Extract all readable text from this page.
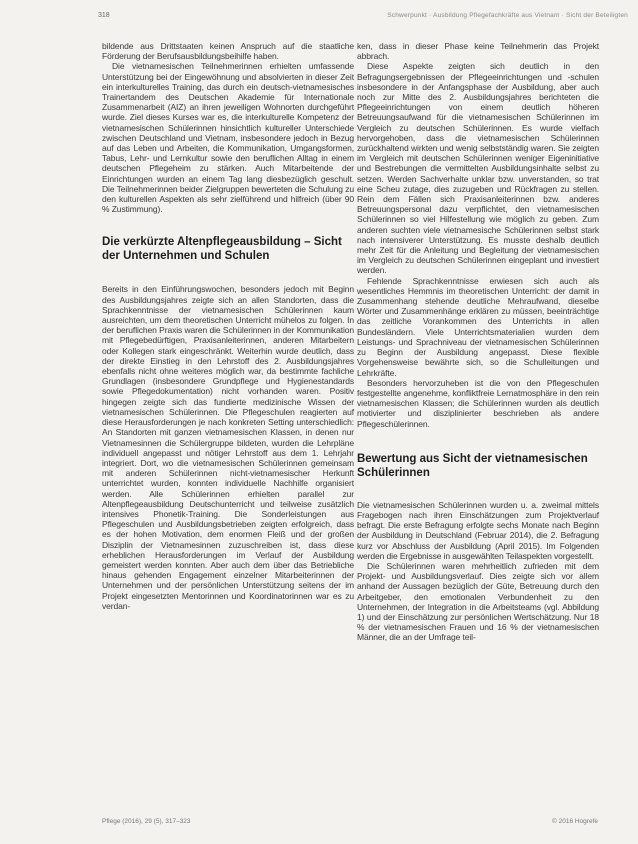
318	Schwerpunkt · Ausbildung Pflegefachkräfte aus Vietnam · Sicht der Beteiligten

bildende aus Drittstaaten keinen Anspruch auf die staatliche Förderung der Berufsausbildungsbeihilfe haben.

Die vietnamesischen Teilnehmerinnen erhielten umfassende Unterstützung bei der Eingewöhnung und absolvierten in dieser Zeit ein interkulturelles Training, das durch ein deutsch-vietnamesisches Trainertandem des Deutschen Akademie für Internationale Zusammenarbeit (AIZ) an ihren jeweiligen Wohnorten durchgeführt wurde. Ziel dieses Kurses war es, die interkulturelle Kompetenz der vietnamesischen Schülerinnen hinsichtlich kultureller Unterschiede zwischen Deutschland und Vietnam, insbesondere jedoch in Bezug auf das Leben und Arbeiten, die Kommunikation, Umgangsformen, Tabus, Lehr- und Lernkultur sowie den beruflichen Alltag in einem deutschen Pflegeheim zu stärken. Auch Mitarbeitende der Einrichtungen wurden an einem Tag lang diesbezüglich geschult. Die Teilnehmerinnen beider Zielgruppen bewerteten die Schulung zu den kulturellen Aspekten als sehr zielführend und hilfreich (über 90 % Zustimmung).

Die verkürzte Altenpflegeausbildung – Sicht der Unternehmen und Schulen

Bereits in den Einführungswochen, besonders jedoch mit Beginn des Ausbildungsjahres zeigte sich an allen Standorten, dass die Sprachkenntnisse der vietnamesischen Schülerinnen kaum ausreichten, um dem theoretischen Unterricht mühelos zu folgen. In der beruflichen Praxis waren die Schülerinnen in der Kommunikation mit Pflegebedürftigen, Praxisanleiterinnen, anderen Mitarbeitern oder Kollegen stark eingeschränkt. Weiterhin wurde deutlich, dass der direkte Einstieg in den Lehrstoff des 2. Ausbildungsjahres ebenfalls nicht ohne weiteres möglich war, da bestimmte fachliche Grundlagen (insbesondere Grundpflege und Hygienestandards sowie Pflegedokumentation) nicht vorhanden waren. Positiv hingegen zeigte sich das fundierte medizinische Wissen der vietnamesischen Schülerinnen. Die Pflegeschulen reagierten auf diese Herausforderungen je nach konkreten Setting unterschiedlich: An Standorten mit ganzen vietnamesischen Klassen, in denen nur Vietnamesinnen die Schülergruppe bildeten, wurden die Lehrpläne individuell angepasst und nötiger Lehrstoff aus dem 1. Lehrjahr integriert. Dort, wo die vietnamesischen Schülerinnen gemeinsam mit anderen Schülerinnen nicht-vietnamesischer Herkunft unterrichtet wurden, konnten individuelle Nachhilfe organisiert werden. Alle Schülerinnen erhielten parallel zur Altenpflegeausbildung Deutschunterricht und teilweise zusätzlich intensives Phonetik-Training. Die Sonderleistungen aus Pflegeschulen und Ausbildungsbetrieben zeigten erfolgreich, dass es der hohen Motivation, dem enormen Fleiß und der großen Disziplin der Vietnamesinnen zuzuschreiben ist, dass diese erheblichen Herausforderungen im Verlauf der Ausbildung gemeistert werden konnten. Aber auch dem über das Betriebliche hinaus gehenden Engagement einzelner Mitarbeiterinnen der Unternehmen und der persönlichen Unterstützung seitens der im Projekt eingesetzten Mentorinnen und Koordinatorinnen war es zu verdan-

ken, dass in dieser Phase keine Teilnehmerin das Projekt abbrach.

Diese Aspekte zeigten sich deutlich in den Befragungsergebnissen der Pflegeeinrichtungen und -schulen insbesondere in der Anfangsphase der Ausbildung, aber auch noch zur Mitte des 2. Ausbildungsjahres berichteten die Pflegeeinrichtungen von einem deutlich höheren Betreuungsaufwand für die vietnamesischen Schülerinnen im Vergleich zu deutschen Schülerinnen. Es wurde vielfach hervorgehoben, dass die vietnamesischen Schülerinnen zurückhaltend wirkten und wenig selbstständig waren. Sie zeigten im Vergleich mit deutschen Schülerinnen weniger Eigeninitiative und Bestrebungen die vermittelten Ausbildungsinhalte selbst zu setzen. Werden Sachverhalte unklar bzw. unverstanden, so trat eine Scheu zutage, dies zuzugeben und Rückfragen zu stellen. Rein dem Fällen sich Praxisanleiterinnen bzw. anderes Betreuungspersonal dazu verpflichtet, den vietnamesischen Schülerinnen so viel Hilfestellung wie möglich zu geben. Zum anderen suchten viele vietnamesische Schülerinnen selbst stark nach intensiverer Unterstützung. Es musste deshalb deutlich mehr Zeit für die Anleitung und Begleitung der vietnamesischen im Vergleich zu deutschen Schülerinnen eingeplant und investiert werden.

Fehlende Sprachkenntnisse erwiesen sich auch als wesentliches Hemmnis im theoretischen Unterricht: der damit in Zusammenhang stehende deutliche Mehraufwand, dieselbe Wörter und Zusammenhänge erklären zu müssen, beeinträchtige das zeitliche Vorankommen des Unterrichts in allen Bundesländern. Viele Unterrichtsmaterialien wurden dem Leistungs- und Sprachniveau der vietnamesischen Schülerinnen zu Beginn der Ausbildung angepasst. Diese flexible Vorgehensweise bewährte sich, so die Schulleitungen und Lehrkräfte.

Besonders hervorzuheben ist die von den Pflegeschulen festgestellte angenehme, konfliktfreie Lernatmosphäre in den rein vietnamesischen Klassen; die Schülerinnen wurden als deutlich motivierter und disziplinierter beschrieben als andere Pflegeschülerinnen.

Bewertung aus Sicht der vietnamesischen Schülerinnen

Die vietnamesischen Schülerinnen wurden u. a. zweimal mittels Fragebogen nach ihren Einschätzungen zum Projektverlauf befragt. Die erste Befragung erfolgte sechs Monate nach Beginn der Ausbildung in Deutschland (Februar 2014), die 2. Befragung kurz vor Abschluss der Ausbildung (April 2015). Im Folgenden werden die Ergebnisse in ausgewählten Teilaspekten vorgestellt.

Die Schülerinnen waren mehrheitlich zufrieden mit dem Projekt- und Ausbildungsverlauf. Dies zeigte sich vor allem anhand der Aussagen bezüglich der Güte, Betreuung durch den Arbeitgeber, den emotionalen Verbundenheit zu den Unternehmen, der Integration in die Arbeitsteams (vgl. Abbildung 1) und der Einschätzung zur persönlichen Wertschätzung. Nur 18 % der vietnamesischen Frauen und 16 % der vietnamesischen Männer, die an der Umfrage teil-

Pflege (2016), 29 (5), 317–323	© 2016 Hogrefe
